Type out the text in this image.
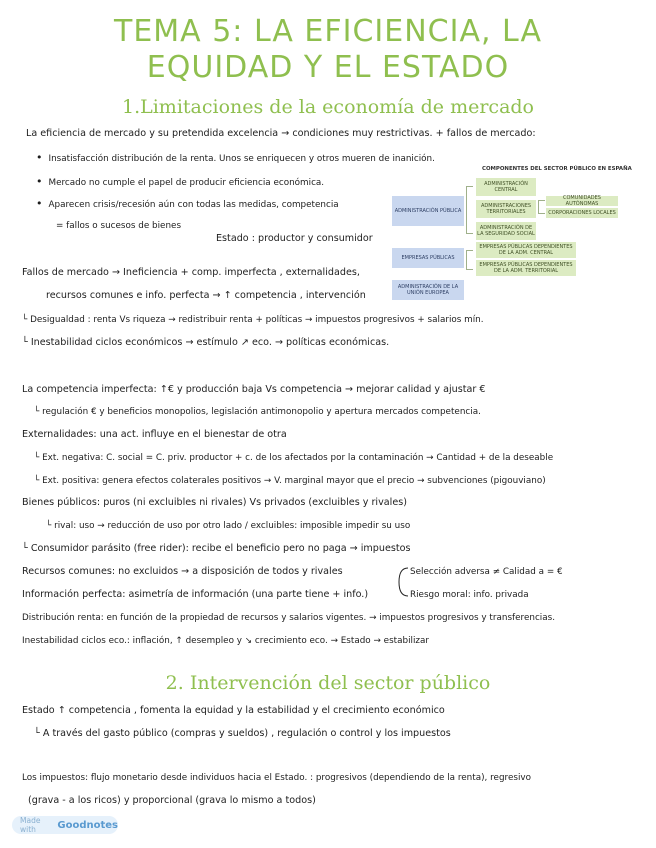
TEMA 5: LA EFICIENCIA, LA
EQUIDAD Y EL ESTADO
1.Limitaciones de la economía de mercado
La eficiencia de mercado y su pretendida excelencia → condiciones muy restrictivas. + fallos de mercado:
• Insatisfacción distribución de la renta. Unos se enriquecen y otros mueren de inanición.
• Mercado no cumple el papel de producir eficiencia económica.
• Aparecen crisis/recesión aún con todas las medidas, competencia
= fallos o sucesos de bienes
Estado : productor y consumidor
Fallos de mercado → Ineficiencia + comp. imperfecta , externalidades,
recursos comunes e info. perfecta → ↑ competencia , intervención
└ Desigualdad : renta Vs riqueza → redistribuir renta + políticas → impuestos progresivos + salarios mín.
└ Inestabilidad ciclos económicos → estímulo ↗ eco. → políticas económicas.
La competencia imperfecta: ↑€ y producción baja Vs competencia → mejorar calidad y ajustar €
└ regulación € y beneficios monopolios, legislación antimonopolio y apertura mercados competencia.
Externalidades: una act. influye en el bienestar de otra
└ Ext. negativa: C. social = C. priv. productor + c. de los afectados por la contaminación → Cantidad + de la deseable
└ Ext. positiva: genera efectos colaterales positivos → V. marginal mayor que el precio → subvenciones (pigouviano)
Bienes públicos: puros (ni excluibles ni rivales) Vs privados (excluibles y rivales)
└ rival: uso → reducción de uso por otro lado / excluibles: imposible impedir su uso
└ Consumidor parásito (free rider): recibe el beneficio pero no paga → impuestos
Recursos comunes: no excluidos → a disposición de todos y rivales	Selección adversa ≠ Calidad a = €
Información perfecta: asimetría de información (una parte tiene + info.)	Riesgo moral: info. privada
Distribución renta: en función de la propiedad de recursos y salarios vigentes. → impuestos progresivos y transferencias.
Inestabilidad ciclos eco.: inflación, ↑ desempleo y ↘ crecimiento eco. → Estado → estabilizar
COMPONENTES DEL SECTOR PÚBLICO EN ESPAÑA
ADMINISTRACIÓN PÚBLICA
ADMINISTRACIÓN CENTRAL
ADMINISTRACIONES TERRITORIALES
ADMINISTRACIÓN DE LA SEGURIDAD SOCIAL
COMUNIDADES AUTÓNOMAS
CORPORACIONES LOCALES
EMPRESAS PÚBLICAS
EMPRESAS PÚBLICAS DEPENDIENTES DE LA ADM. CENTRAL
EMPRESAS PÚBLICAS DEPENDIENTES DE LA ADM. TERRITORIAL
ADMINISTRACIÓN DE LA UNIÓN EUROPEA
2. Intervención del sector público
Estado ↑ competencia , fomenta la equidad y la estabilidad y el crecimiento económico
└ A través del gasto público (compras y sueldos) , regulación o control y los impuestos
Los impuestos: flujo monetario desde individuos hacia el Estado. : progresivos (dependiendo de la renta), regresivo
(grava - a los ricos) y proporcional (grava lo mismo a todos)
Made with	Goodnotes
